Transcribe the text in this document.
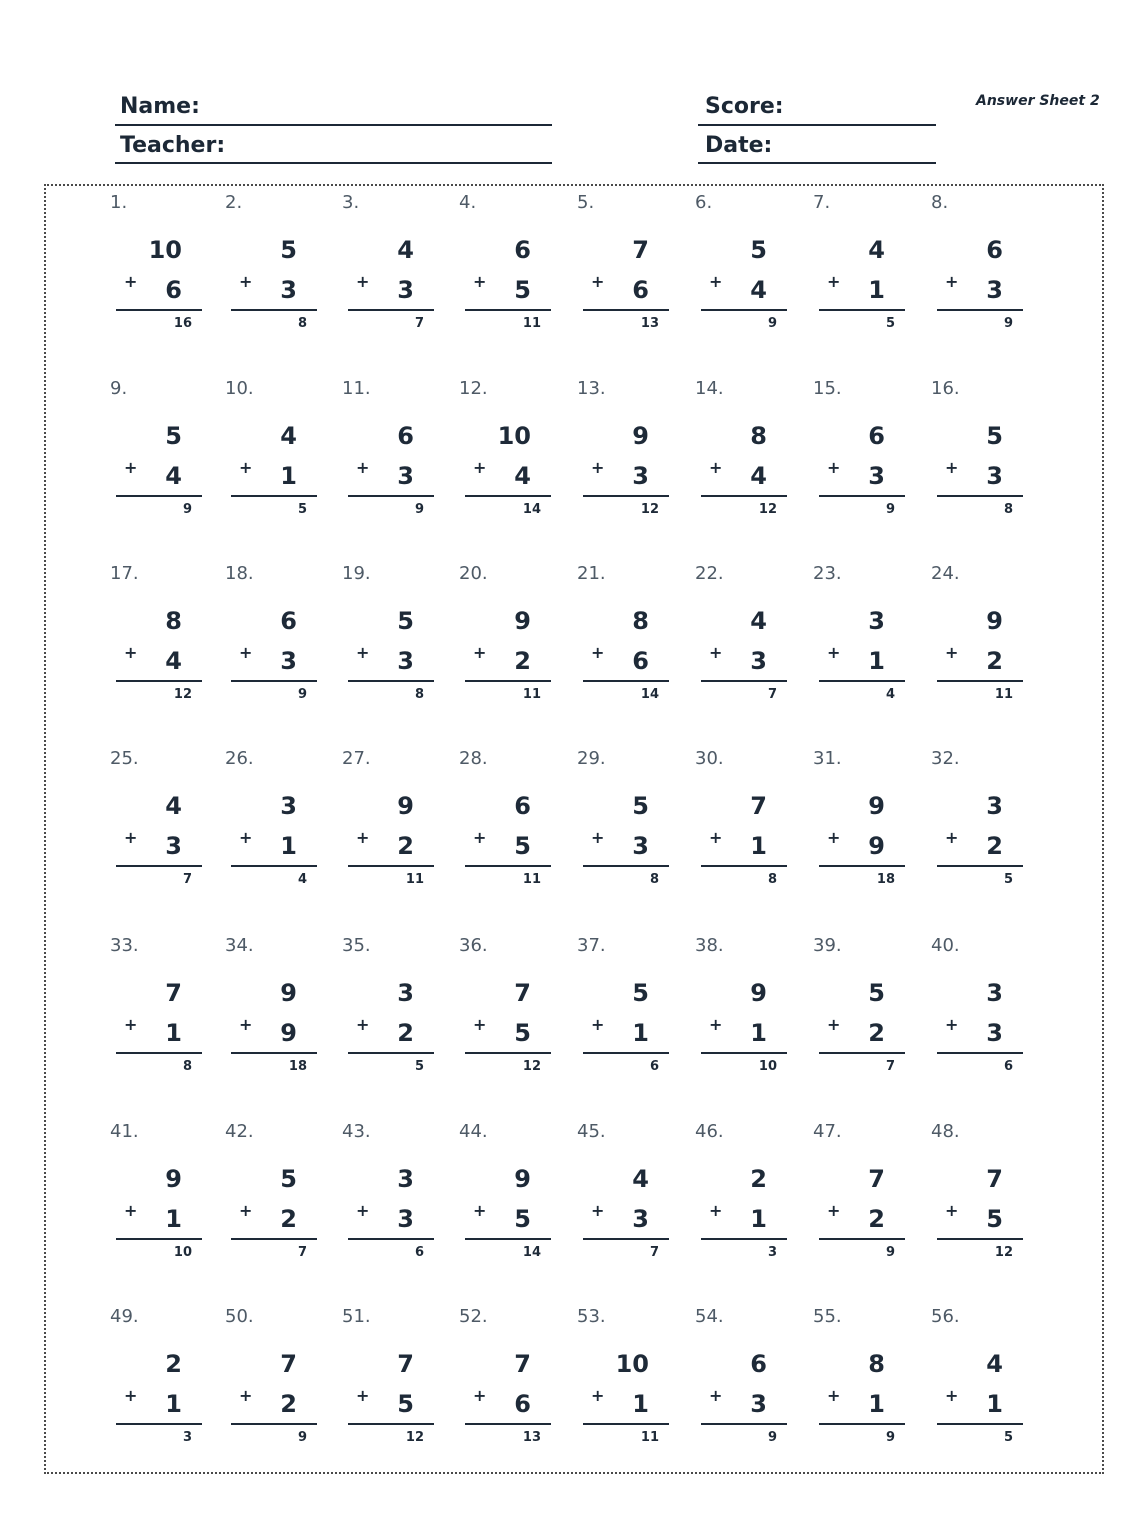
Name:
Teacher:
Score:
Date:
Answer Sheet 2
1.
10
+	6
16
2.
5
+	3
8
3.
4
+	3
7
4.
6
+	5
11
5.
7
+	6
13
6.
5
+	4
9
7.
4
+	1
5
8.
6
+	3
9
9.
5
+	4
9
10.
4
+	1
5
11.
6
+	3
9
12.
10
+	4
14
13.
9
+	3
12
14.
8
+	4
12
15.
6
+	3
9
16.
5
+	3
8
17.
8
+	4
12
18.
6
+	3
9
19.
5
+	3
8
20.
9
+	2
11
21.
8
+	6
14
22.
4
+	3
7
23.
3
+	1
4
24.
9
+	2
11
25.
4
+	3
7
26.
3
+	1
4
27.
9
+	2
11
28.
6
+	5
11
29.
5
+	3
8
30.
7
+	1
8
31.
9
+	9
18
32.
3
+	2
5
33.
7
+	1
8
34.
9
+	9
18
35.
3
+	2
5
36.
7
+	5
12
37.
5
+	1
6
38.
9
+	1
10
39.
5
+	2
7
40.
3
+	3
6
41.
9
+	1
10
42.
5
+	2
7
43.
3
+	3
6
44.
9
+	5
14
45.
4
+	3
7
46.
2
+	1
3
47.
7
+	2
9
48.
7
+	5
12
49.
2
+	1
3
50.
7
+	2
9
51.
7
+	5
12
52.
7
+	6
13
53.
10
+	1
11
54.
6
+	3
9
55.
8
+	1
9
56.
4
+	1
5
